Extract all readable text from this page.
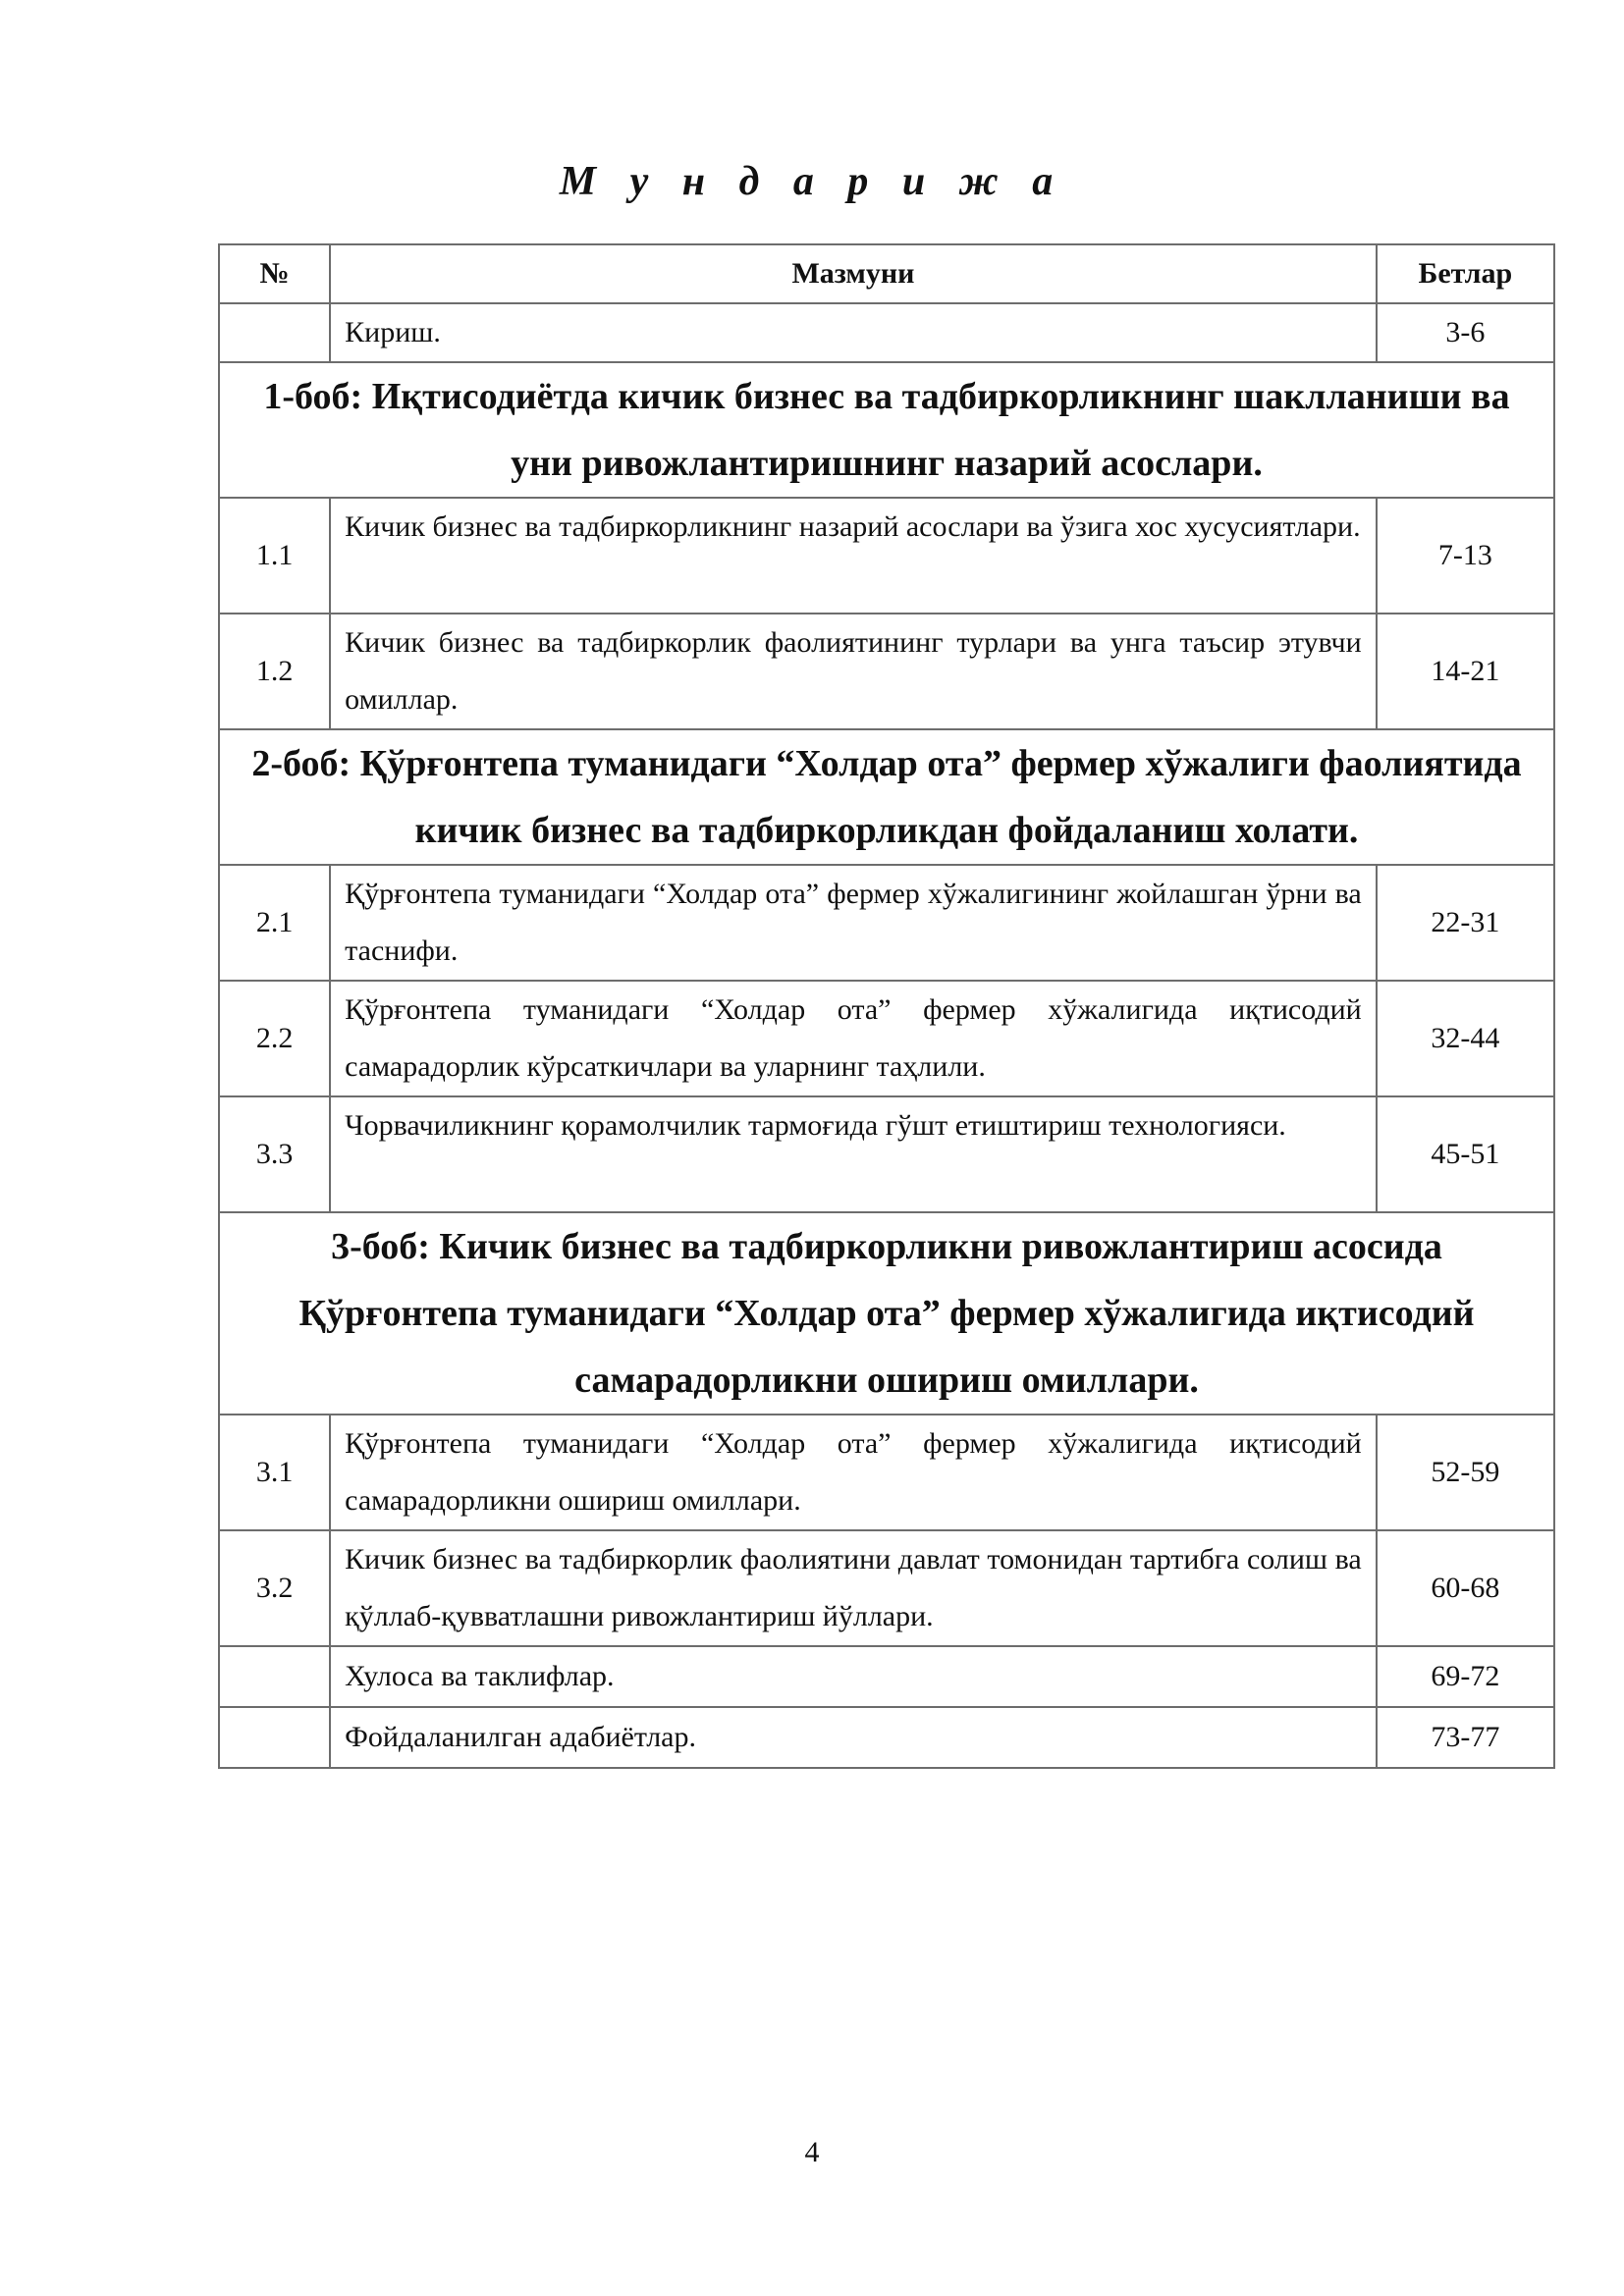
М у н д а р и ж а
№	Мазмуни	Бетлар
	Кириш.	3-6
1-боб: Иқтисодиётда кичик бизнес ва тадбиркорликнинг шаклланиши ва уни ривожлантиришнинг назарий асослари.		
1.1	Кичик бизнес ва тадбиркорликнинг назарий асослари ва ўзига хос хусусиятлари.	7-13
1.2	Кичик бизнес ва тадбиркорлик фаолиятининг турлари ва унга таъсир этувчи омиллар.	14-21
2-боб: Қўрғонтепа туманидаги “Холдар ота” фермер хўжалиги фаолиятида кичик бизнес ва тадбиркорликдан фойдаланиш холати.		
2.1	Қўрғонтепа туманидаги “Холдар ота” фермер хўжалигининг жойлашган ўрни ва таснифи.	22-31
2.2	Қўрғонтепа туманидаги “Холдар ота” фермер хўжалигида иқтисодий самарадорлик кўрсаткичлари ва уларнинг таҳлили.	32-44
3.3	Чорвачиликнинг қорамолчилик тармоғида гўшт етиштириш технологияси.	45-51
3-боб: Кичик бизнес ва тадбиркорликни ривожлантириш асосида Қўрғонтепа туманидаги “Холдар ота” фермер хўжалигида иқтисодий самарадорликни ошириш омиллари.		
3.1	Қўрғонтепа туманидаги “Холдар ота” фермер хўжалигида иқтисодий самарадорликни ошириш омиллари.	52-59
3.2	Кичик бизнес ва тадбиркорлик фаолиятини давлат томонидан тартибга солиш ва қўллаб-қувватлашни ривожлантириш йўллари.	60-68
	Хулоса ва таклифлар.	69-72
	Фойдаланилган адабиётлар.	73-77
4
